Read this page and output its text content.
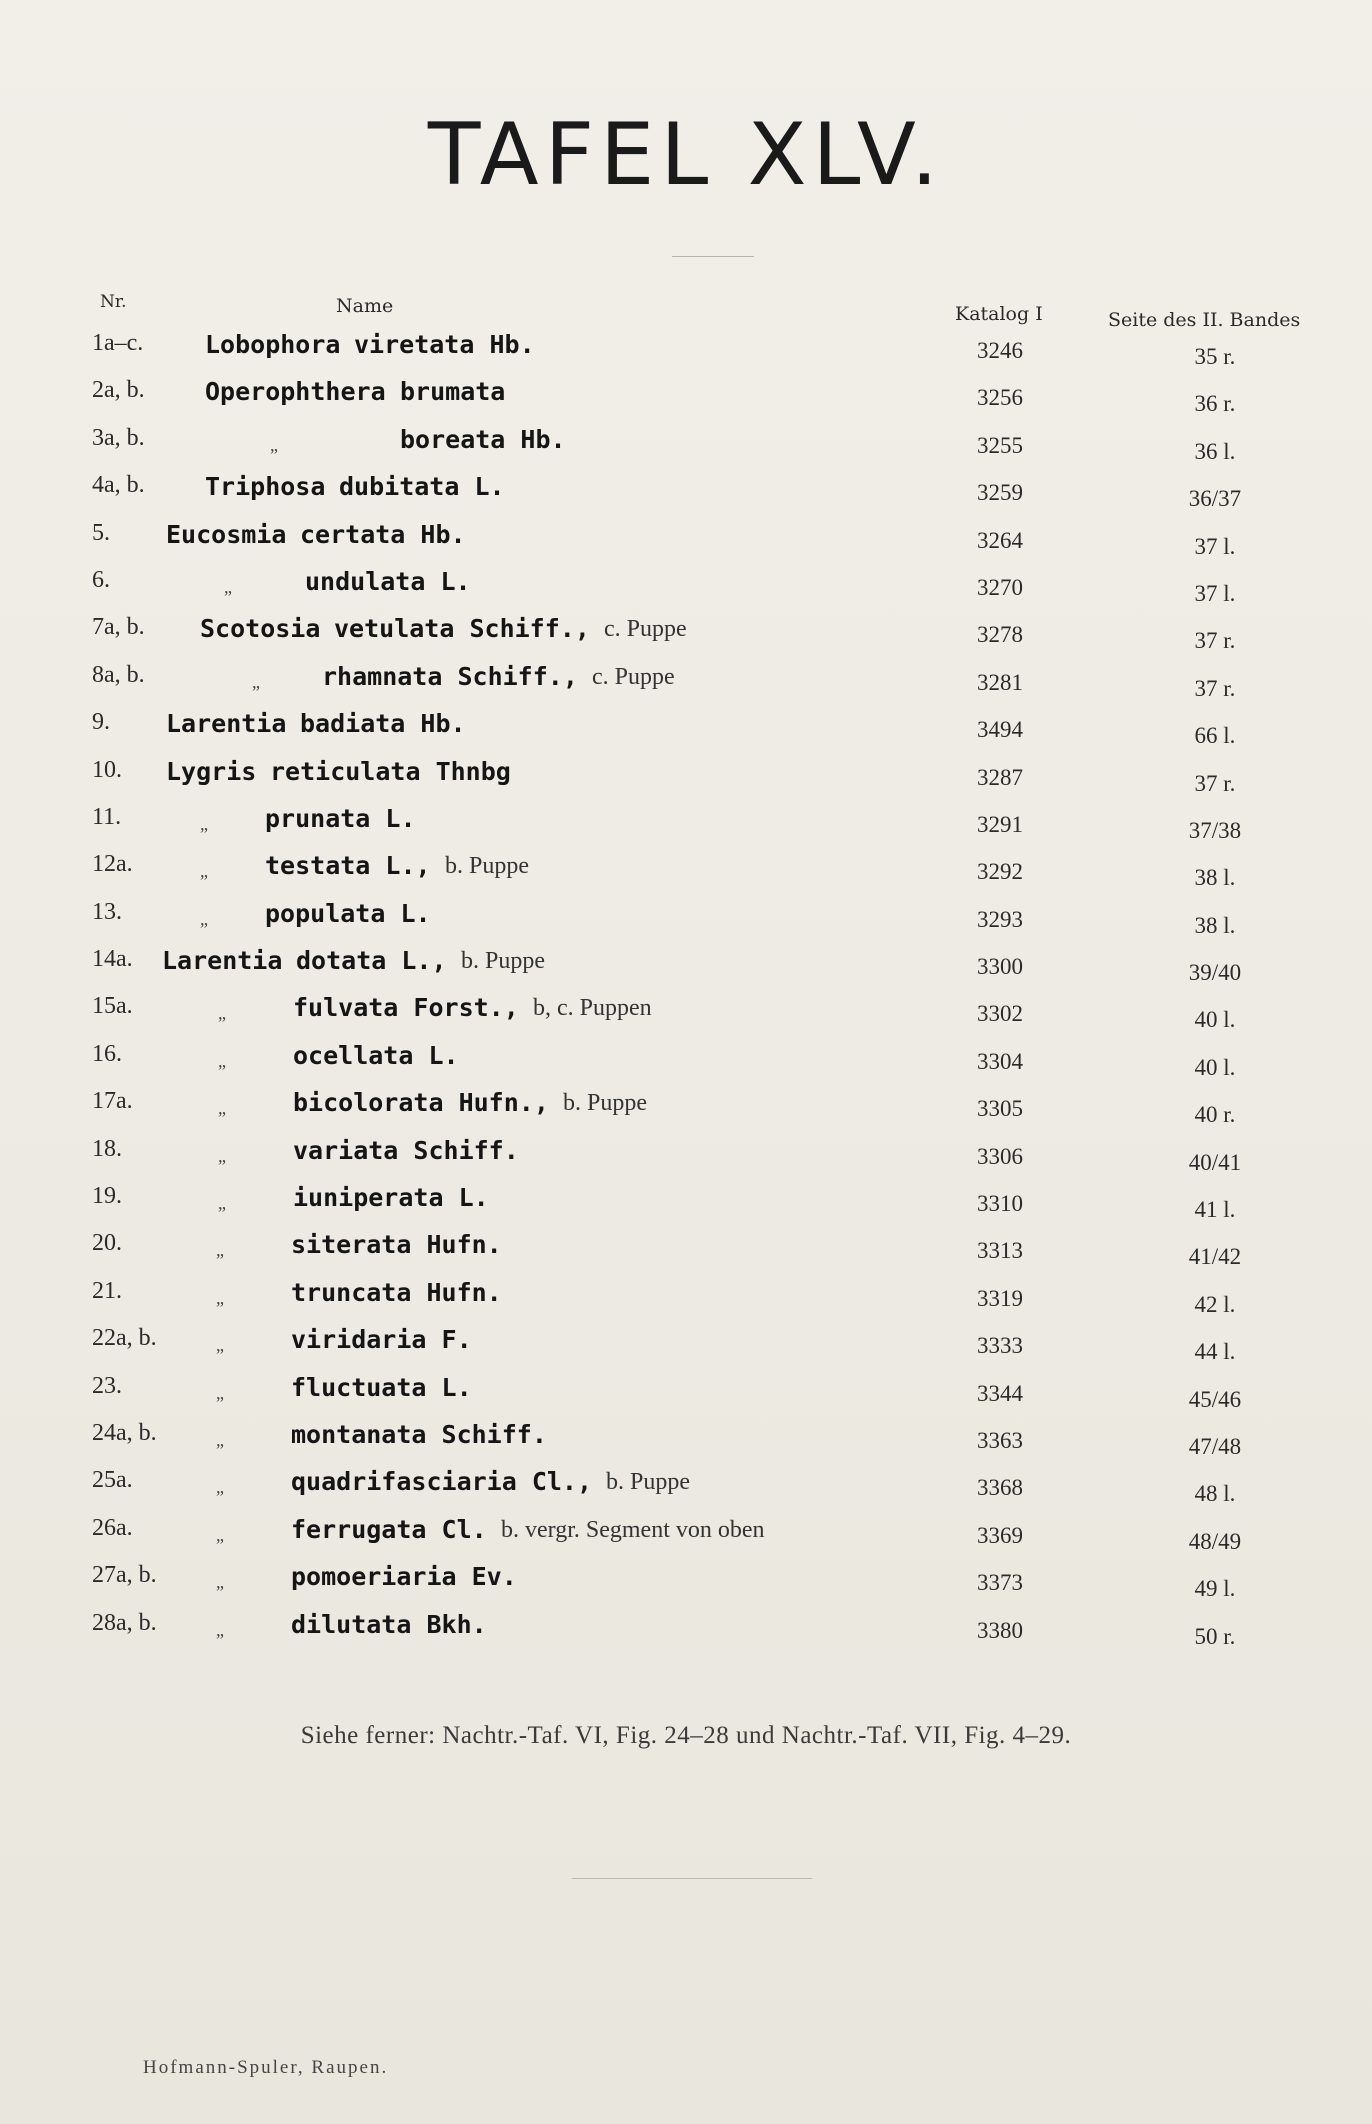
TAFEL XLV.
Nr.	Name	Katalog I	Seite des II. Bandes
1a–c. Lobophora viretata Hb.	3246	35 r.
2a, b. Operophthera brumata	3256	36 r.
3a, b.	„	boreata Hb.	3255	36 l.
4a, b. Triphosa dubitata L.	3259	36/37
5. Eucosmia certata Hb.	3264	37 l.
6.	„	undulata L.	3270	37 l.
7a, b. Scotosia vetulata Schiff., c. Puppe	3278	37 r.
8a, b.	„ rhamnata Schiff., c. Puppe	3281	37 r.
9. Larentia badiata Hb.	3494	66 l.
10. Lygris reticulata Thnbg	3287	37 r.
11.	„ prunata L.	3291	37/38
12a.	„ testata L., b. Puppe	3292	38 l.
13.	„ populata L.	3293	38 l.
14a. Larentia dotata L., b. Puppe	3300	39/40
15a.	„	fulvata Forst., b, c. Puppen	3302	40 l.
16.	„	ocellata L.	3304	40 l.
17a.	„	bicolorata Hufn., b. Puppe	3305	40 r.
18.	„	variata Schiff.	3306	40/41
19.	„	iuniperata L.	3310	41 l.
20.	„	siterata Hufn.	3313	41/42
21.	„	truncata Hufn.	3319	42 l.
22a, b.	„	viridaria F.	3333	44 l.
23.	„	fluctuata L.	3344	45/46
24a, b.	„	montanata Schiff.	3363	47/48
25a.	„	quadrifasciaria Cl., b. Puppe	3368	48 l.
26a.	„	ferrugata Cl. b. vergr. Segment von oben	3369	48/49
27a, b.	„	pomoeriaria Ev.	3373	49 l.
28a, b.	„	dilutata Bkh.	3380	50 r.
Siehe ferner: Nachtr.-Taf. VI, Fig. 24–28 und Nachtr.-Taf. VII, Fig. 4–29.
Hofmann-Spuler, Raupen.
